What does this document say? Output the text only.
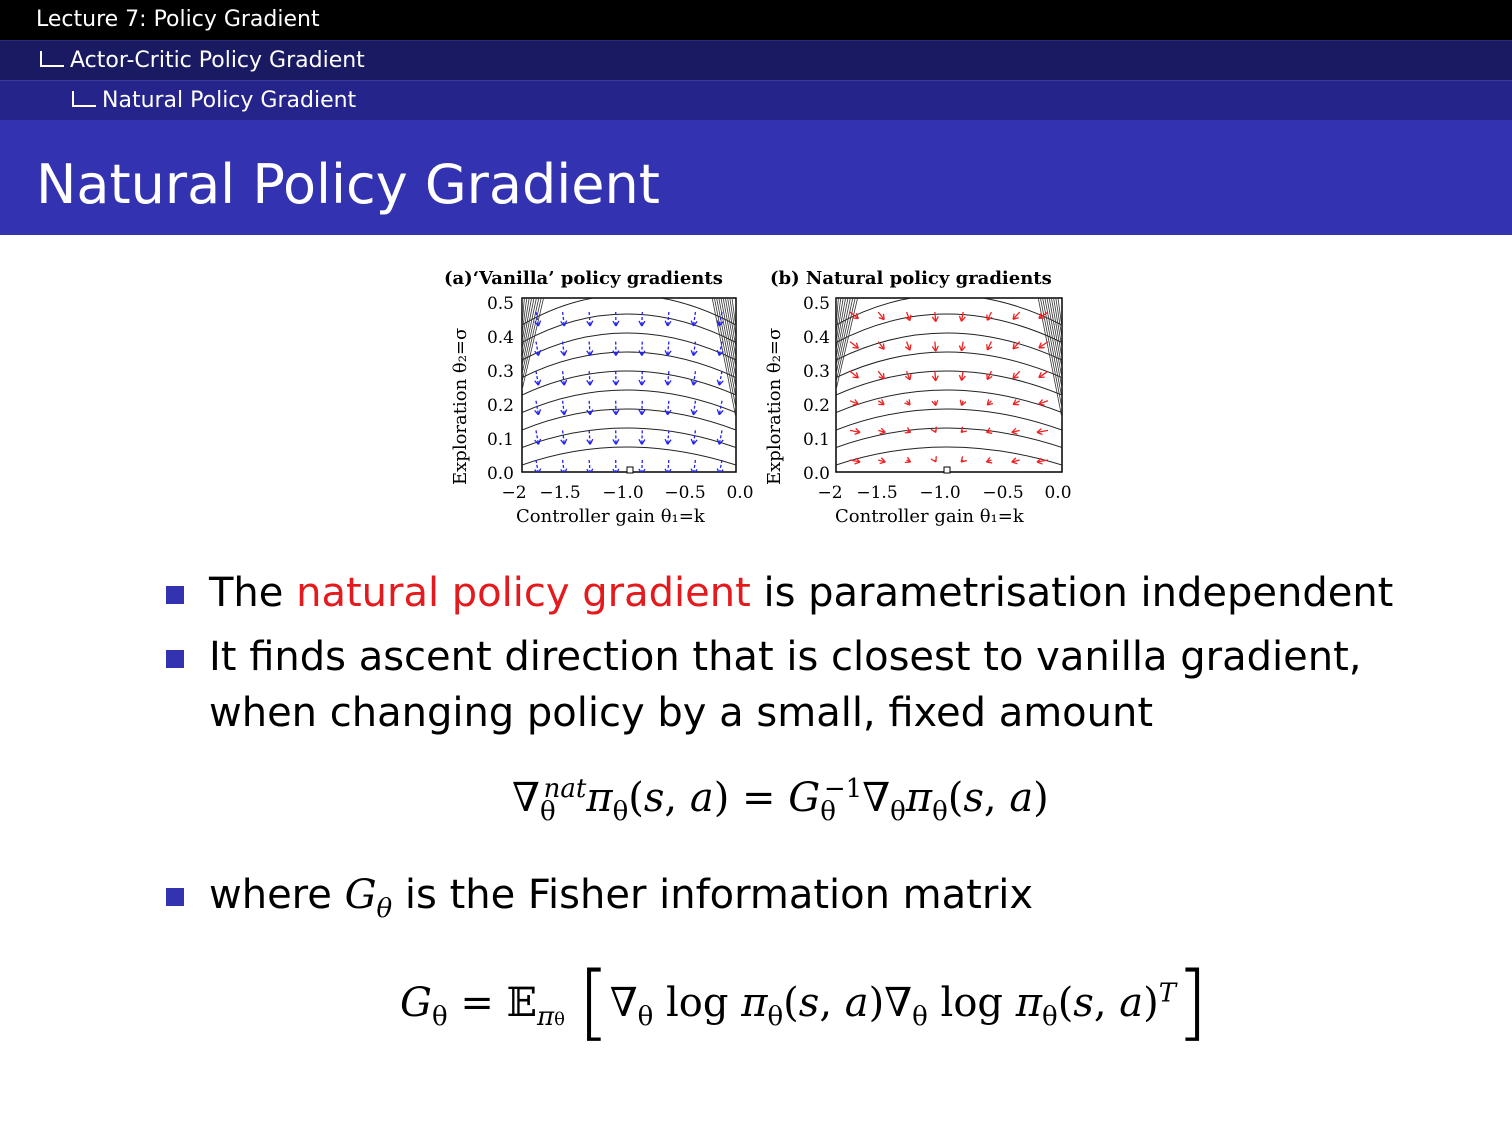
Lecture 7: Policy Gradient
Actor-Critic Policy Gradient
Natural Policy Gradient
Natural Policy Gradient
(a)‘Vanilla’ policy gradients	(b) Natural policy gradients
Exploration θ₂=σ	Exploration θ₂=σ
Controller gain θ₁=k	Controller gain θ₁=k
0.0
0.1
0.2
0.3
0.4
0.5
0.0
0.1
0.2
0.3
0.4
0.5
−2 −1.5 −1.0 −0.5 0.0	−2 −1.5 −1.0 −0.5 0.0
The natural policy gradient is parametrisation independent
It finds ascent direction that is closest to vanilla gradient,
when changing policy by a small, fixed amount
where $G_\theta$ is the Fisher information matrix
$\nabla_\theta^{nat}\pi_\theta(s$, $a) = G_\theta^{-1}\nabla_\theta\pi_\theta(s$, a)
$G_\theta$ = 𝔼$_{\pi\theta}$ [$\nabla_\theta$ $\log \pi_\theta(s$, $a)\nabla_\theta$ $\log \pi_\theta(s$, a)$^T$]
